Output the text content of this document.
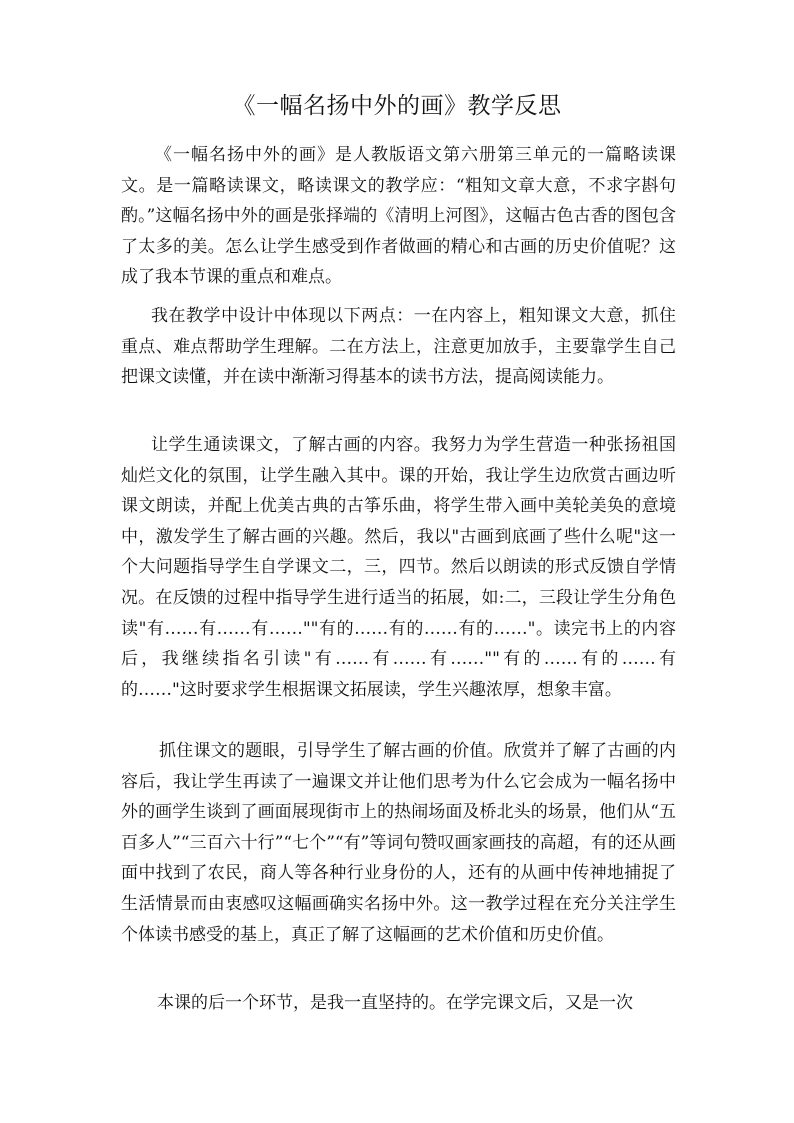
《一幅名扬中外的画》教学反思

《一幅名扬中外的画》是人教版语文第六册第三单元的一篇略读课文。是一篇略读课文，略读课文的教学应：“粗知文章大意，不求字斟句酌。”这幅名扬中外的画是张择端的《清明上河图》，这幅古色古香的图包含了太多的美。怎么让学生感受到作者做画的精心和古画的历史价值呢？这成了我本节课的重点和难点。

我在教学中设计中体现以下两点：一在内容上，粗知课文大意，抓住重点、难点帮助学生理解。二在方法上，注意更加放手，主要靠学生自己把课文读懂，并在读中渐渐习得基本的读书方法，提高阅读能力。

让学生通读课文，了解古画的内容。我努力为学生营造一种张扬祖国灿烂文化的氛围，让学生融入其中。课的开始，我让学生边欣赏古画边听课文朗读，并配上优美古典的古筝乐曲，将学生带入画中美轮美奂的意境中，激发学生了解古画的兴趣。然后，我以"古画到底画了些什么呢"这一个大问题指导学生自学课文二，三，四节。然后以朗读的形式反馈自学情况。在反馈的过程中指导学生进行适当的拓展，如:二，三段让学生分角色读"有……有……有……""有的……有的……有的……"。读完书上的内容后，我继续指名引读"有……有……有……""有的……有的……有的……"这时要求学生根据课文拓展读，学生兴趣浓厚，想象丰富。

抓住课文的题眼，引导学生了解古画的价值。欣赏并了解了古画的内容后，我让学生再读了一遍课文并让他们思考为什么它会成为一幅名扬中外的画学生谈到了画面展现街市上的热闹场面及桥北头的场景，他们从“五百多人”“三百六十行”“七个”“有”等词句赞叹画家画技的高超，有的还从画面中找到了农民，商人等各种行业身份的人，还有的从画中传神地捕捉了生活情景而由衷感叹这幅画确实名扬中外。这一教学过程在充分关注学生个体读书感受的基上，真正了解了这幅画的艺术价值和历史价值。

本课的后一个环节，是我一直坚持的。在学完课文后，又是一次
